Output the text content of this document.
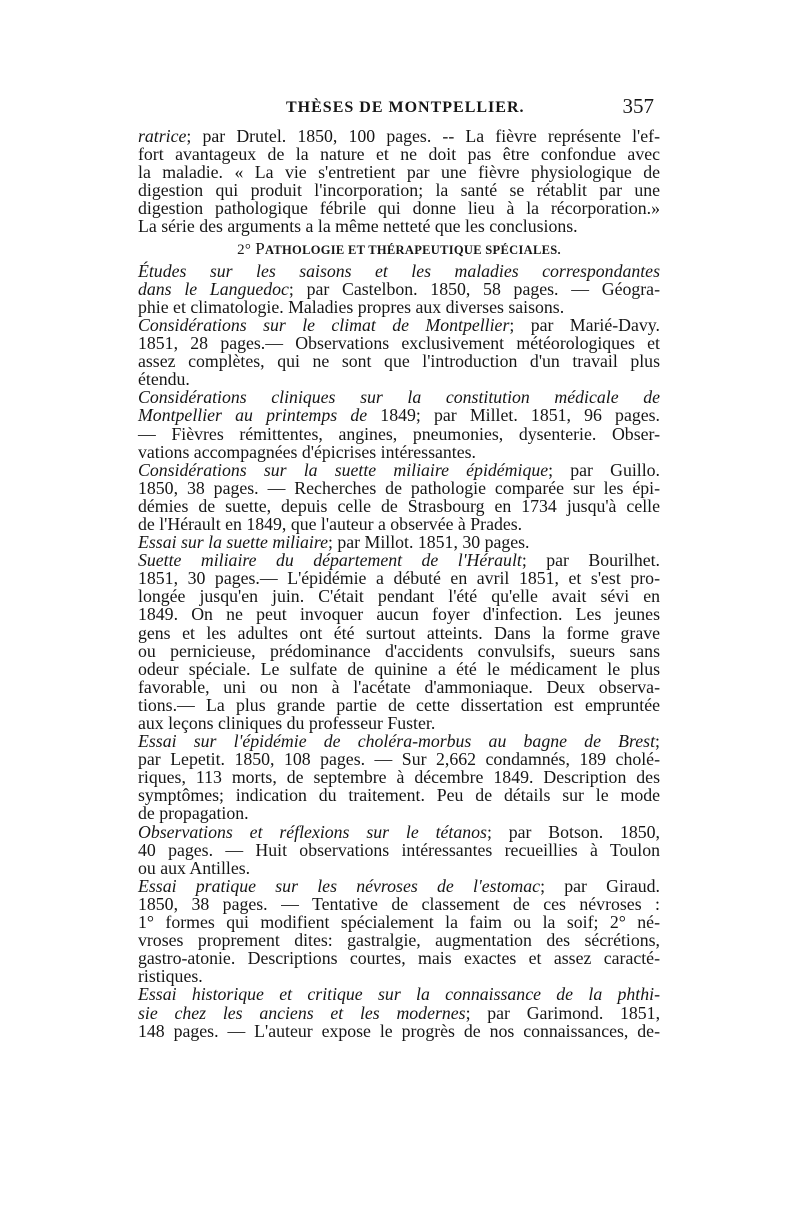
THÈSES DE MONTPELLIER.	357
ratrice; par Drutel. 1850, 100 pages. -- La fièvre représente l'ef-
fort avantageux de la nature et ne doit pas être confondue avec
la maladie. « La vie s'entretient par une fièvre physiologique de
digestion qui produit l'incorporation; la santé se rétablit par une
digestion pathologique fébrile qui donne lieu à la récorporation.»
La série des arguments a la même netteté que les conclusions.
2° PATHOLOGIE ET THÉRAPEUTIQUE SPÉCIALES.
Études sur les saisons et les maladies correspondantes
dans le Languedoc; par Castelbon. 1850, 58 pages. — Géogra-
phie et climatologie. Maladies propres aux diverses saisons.
Considérations sur le climat de Montpellier; par Marié-Davy.
1851, 28 pages.— Observations exclusivement météorologiques et
assez complètes, qui ne sont que l'introduction d'un travail plus
étendu.
Considérations cliniques sur la constitution médicale de
Montpellier au printemps de 1849; par Millet. 1851, 96 pages.
— Fièvres rémittentes, angines, pneumonies, dysenterie. Obser-
vations accompagnées d'épicrises intéressantes.
Considérations sur la suette miliaire épidémique; par Guillo.
1850, 38 pages. — Recherches de pathologie comparée sur les épi-
démies de suette, depuis celle de Strasbourg en 1734 jusqu'à celle
de l'Hérault en 1849, que l'auteur a observée à Prades.
Essai sur la suette miliaire; par Millot. 1851, 30 pages.
Suette miliaire du département de l'Hérault; par Bourilhet.
1851, 30 pages.— L'épidémie a débuté en avril 1851, et s'est pro-
longée jusqu'en juin. C'était pendant l'été qu'elle avait sévi en
1849. On ne peut invoquer aucun foyer d'infection. Les jeunes
gens et les adultes ont été surtout atteints. Dans la forme grave
ou pernicieuse, prédominance d'accidents convulsifs, sueurs sans
odeur spéciale. Le sulfate de quinine a été le médicament le plus
favorable, uni ou non à l'acétate d'ammoniaque. Deux observa-
tions.— La plus grande partie de cette dissertation est empruntée
aux leçons cliniques du professeur Fuster.
Essai sur l'épidémie de choléra-morbus au bagne de Brest;
par Lepetit. 1850, 108 pages. — Sur 2,662 condamnés, 189 cholé-
riques, 113 morts, de septembre à décembre 1849. Description des
symptômes; indication du traitement. Peu de détails sur le mode
de propagation.
Observations et réflexions sur le tétanos; par Botson. 1850,
40 pages. — Huit observations intéressantes recueillies à Toulon
ou aux Antilles.
Essai pratique sur les névroses de l'estomac; par Giraud.
1850, 38 pages. — Tentative de classement de ces névroses :
1° formes qui modifient spécialement la faim ou la soif; 2° né-
vroses proprement dites: gastralgie, augmentation des sécrétions,
gastro-atonie. Descriptions courtes, mais exactes et assez caracté-
ristiques.
Essai historique et critique sur la connaissance de la phthi-
sie chez les anciens et les modernes; par Garimond. 1851,
148 pages. — L'auteur expose le progrès de nos connaissances, de-
